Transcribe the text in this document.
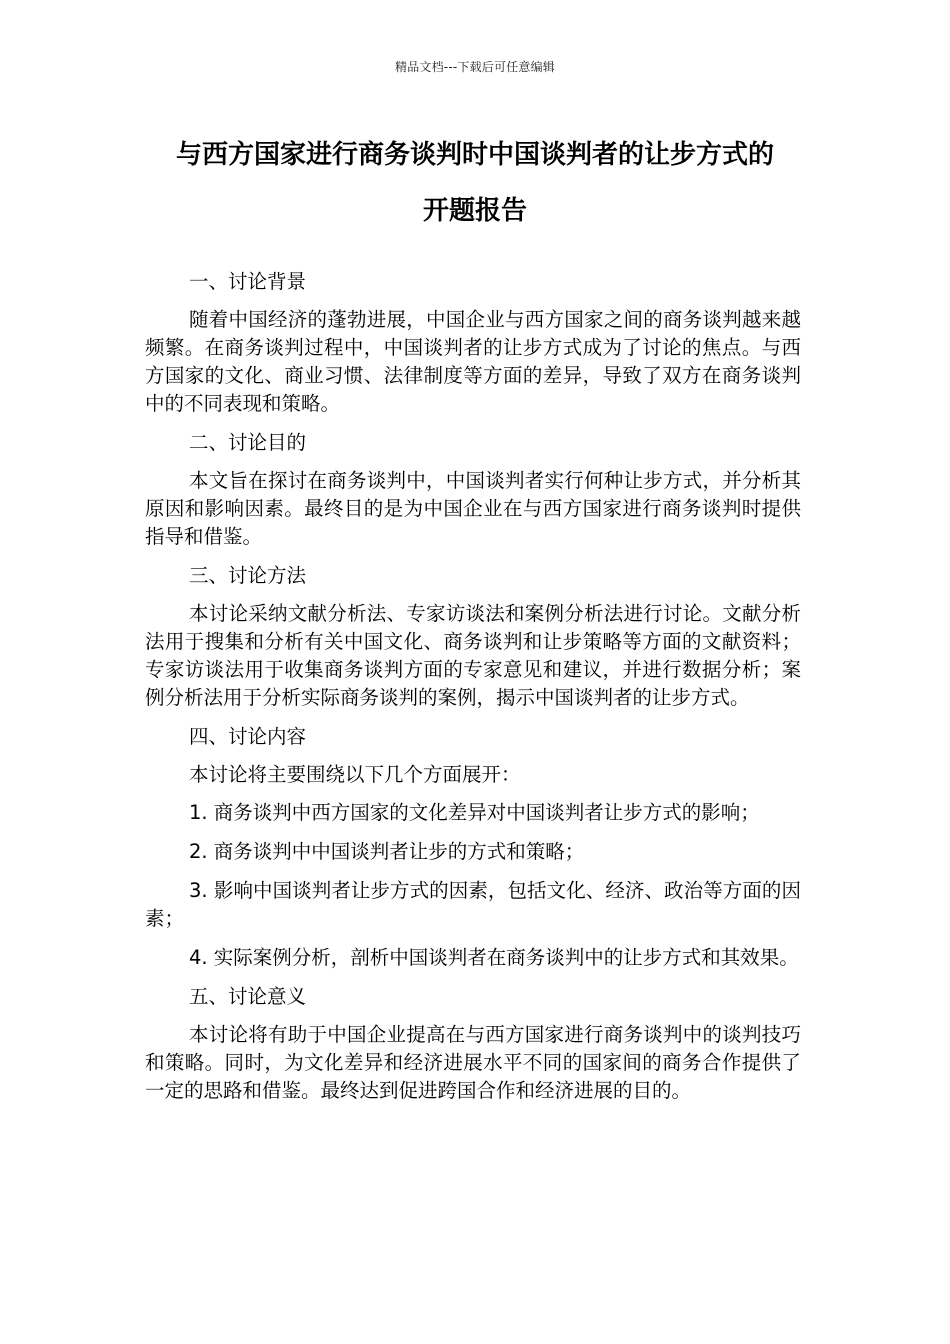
精品文档---下载后可任意编辑
与西方国家进行商务谈判时中国谈判者的让步方式的
开题报告
一、讨论背景
随着中国经济的蓬勃进展，中国企业与西方国家之间的商务谈判越来越频繁。在商务谈判过程中，中国谈判者的让步方式成为了讨论的焦点。与西方国家的文化、商业习惯、法律制度等方面的差异，导致了双方在商务谈判中的不同表现和策略。
二、讨论目的
本文旨在探讨在商务谈判中，中国谈判者实行何种让步方式，并分析其原因和影响因素。最终目的是为中国企业在与西方国家进行商务谈判时提供指导和借鉴。
三、讨论方法
本讨论采纳文献分析法、专家访谈法和案例分析法进行讨论。文献分析法用于搜集和分析有关中国文化、商务谈判和让步策略等方面的文献资料；专家访谈法用于收集商务谈判方面的专家意见和建议，并进行数据分析；案例分析法用于分析实际商务谈判的案例，揭示中国谈判者的让步方式。
四、讨论内容
本讨论将主要围绕以下几个方面展开：
1. 商务谈判中西方国家的文化差异对中国谈判者让步方式的影响；
2. 商务谈判中中国谈判者让步的方式和策略；
3. 影响中国谈判者让步方式的因素，包括文化、经济、政治等方面的因素；
4. 实际案例分析，剖析中国谈判者在商务谈判中的让步方式和其效果。
五、讨论意义
本讨论将有助于中国企业提高在与西方国家进行商务谈判中的谈判技巧和策略。同时，为文化差异和经济进展水平不同的国家间的商务合作提供了一定的思路和借鉴。最终达到促进跨国合作和经济进展的目的。
